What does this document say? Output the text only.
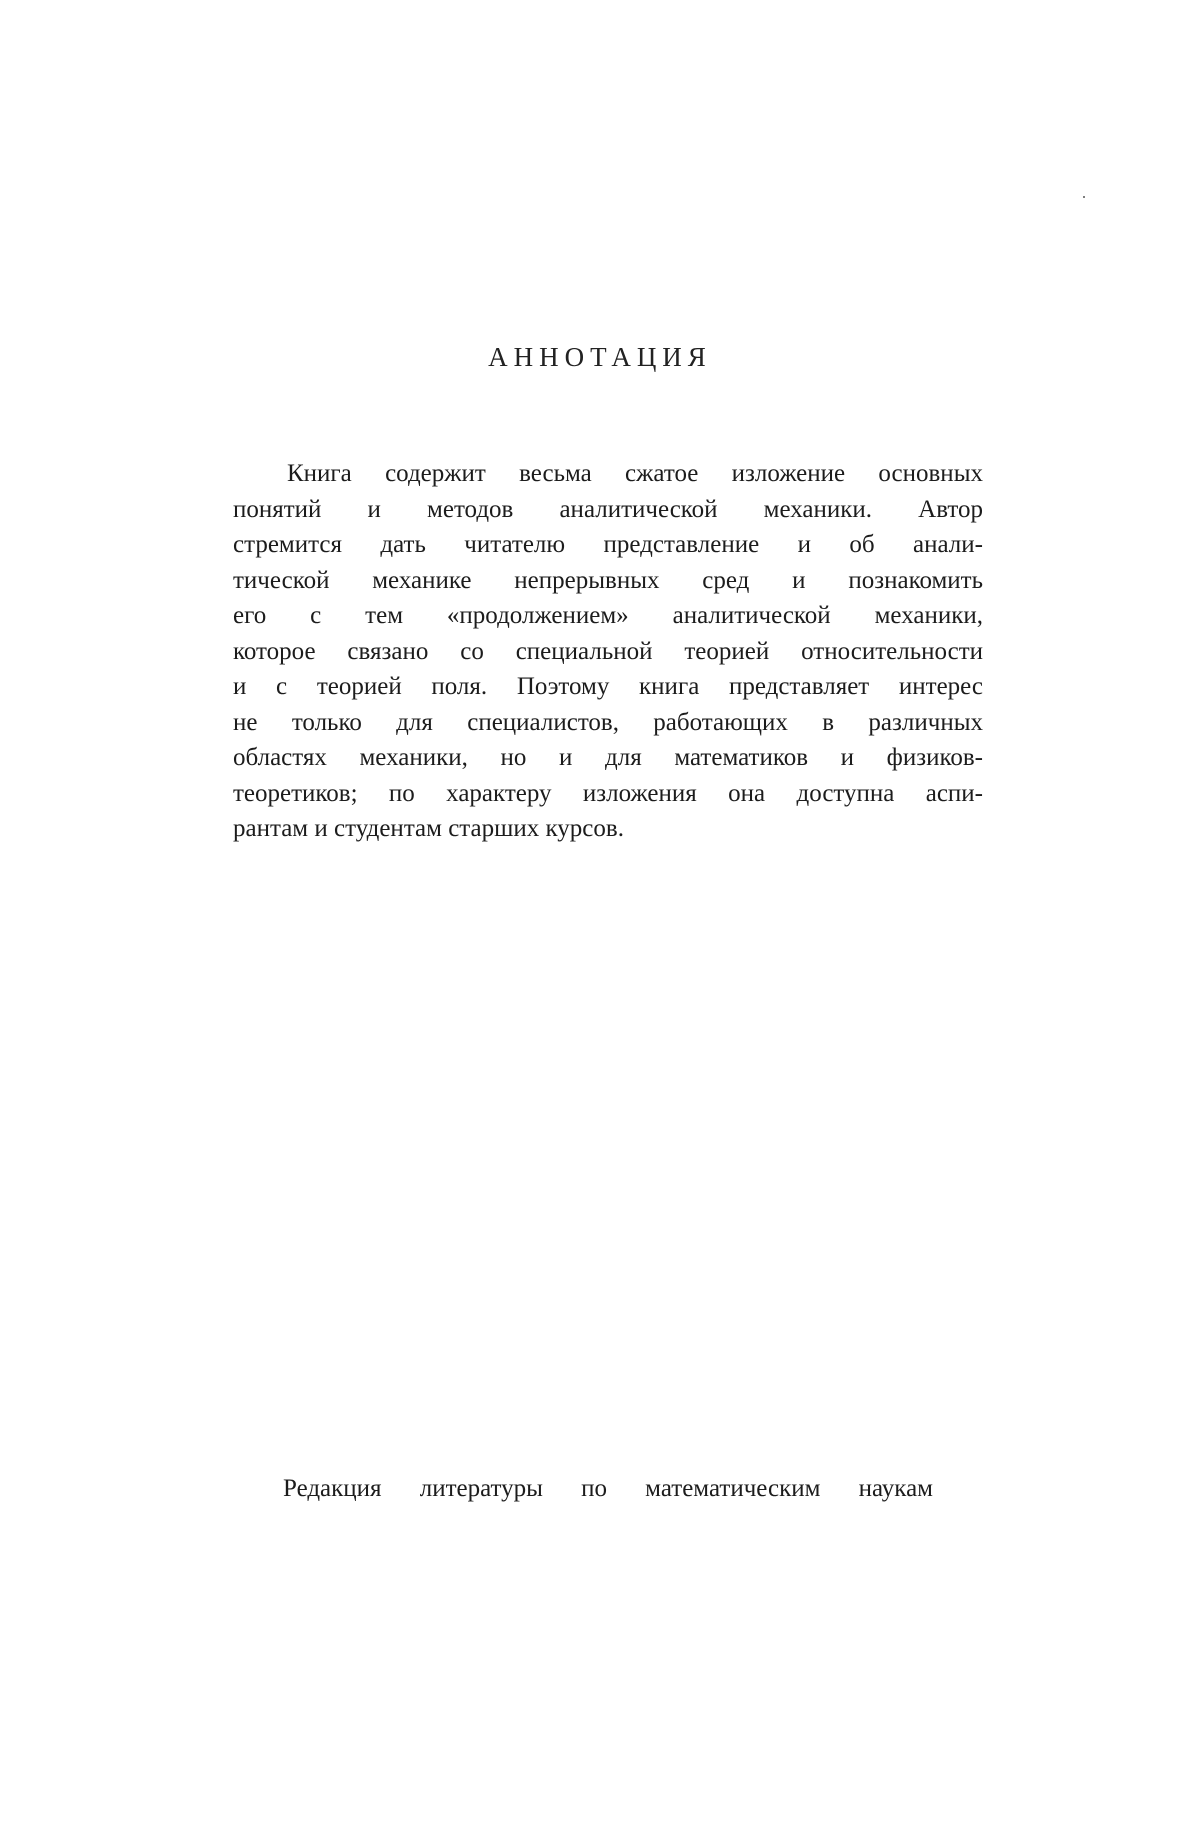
АННОТАЦИЯ
Книга содержит весьма сжатое изложение основных
понятий и методов аналитической механики. Автор
стремится дать читателю представление и об анали-
тической механике непрерывных сред и познакомить
его с тем «продолжением» аналитической механики,
которое связано со специальной теорией относительности
и с теорией поля. Поэтому книга представляет интерес
не только для специалистов, работающих в различных
областях механики, но и для математиков и физиков-
теоретиков; по характеру изложения она доступна аспи-
рантам и студентам старших курсов.

Редакция литературы по математическим наукам
